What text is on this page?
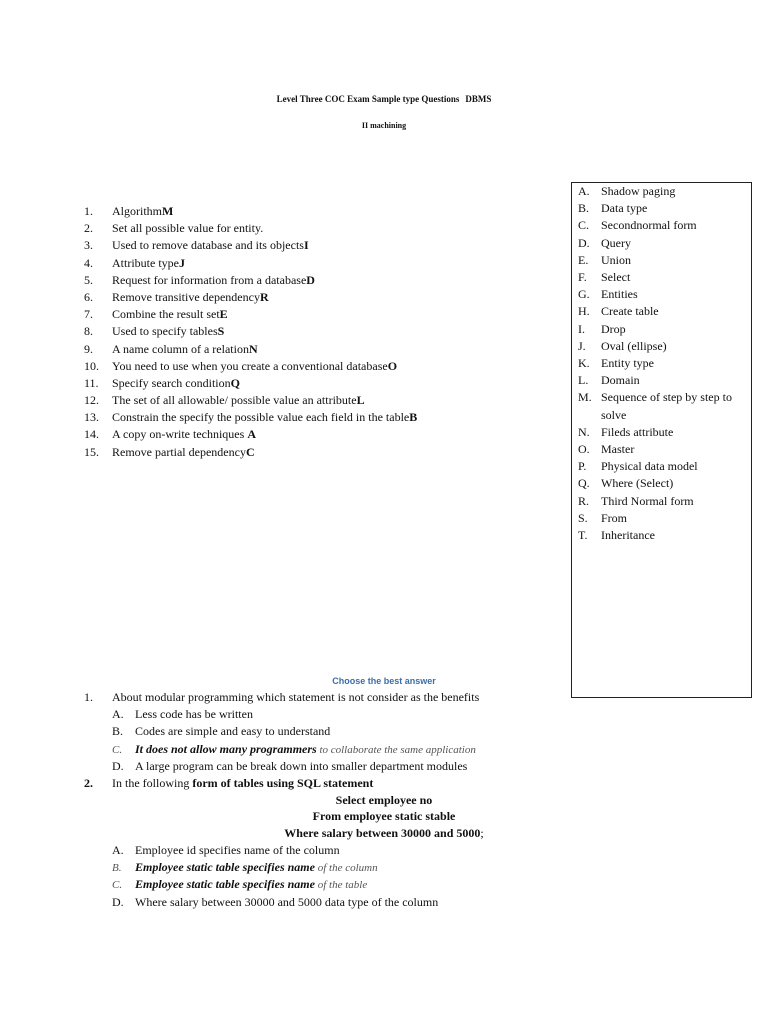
Level Three COC Exam Sample type Questions DBMS
II machining
1. AlgorithmM
2. Set all possible value for entity.
3. Used to remove database and its objectsI
4. Attribute typeJ
5. Request for information from a databaseD
6. Remove transitive dependencyR
7. Combine the result setE
8. Used to specify tablesS
9. A name column of a relationN
10. You need to use when you create a conventional databaseO
11. Specify search conditionQ
12. The set of all allowable/ possible value an attributeL
13. Constrain the specify the possible value each field in the tableB
14. A copy on-write techniques A
15. Remove partial dependencyC
A. Shadow paging
B. Data type
C. Secondnormal form
D. Query
E. Union
F. Select
G. Entities
H. Create table
I. Drop
J. Oval (ellipse)
K. Entity type
L. Domain
M. Sequence of step by step to solve
N. Fileds attribute
O. Master
P. Physical data model
Q. Where (Select)
R. Third Normal form
S. From
T. Inheritance
Choose the best answer
1. About modular programming which statement is not consider as the benefits
A. Less code has be written
B. Codes are simple and easy to understand
C. It does not allow many programmers to collaborate the same application
D. A large program can be break down into smaller department modules
2. In the following form of tables using SQL statement
Select employee no
From employee static stable
Where salary between 30000 and 5000;
A. Employee id specifies name of the column
B. Employee static table specifies name of the column
C. Employee static table specifies name of the table
D. Where salary between 30000 and 5000 data type of the column
